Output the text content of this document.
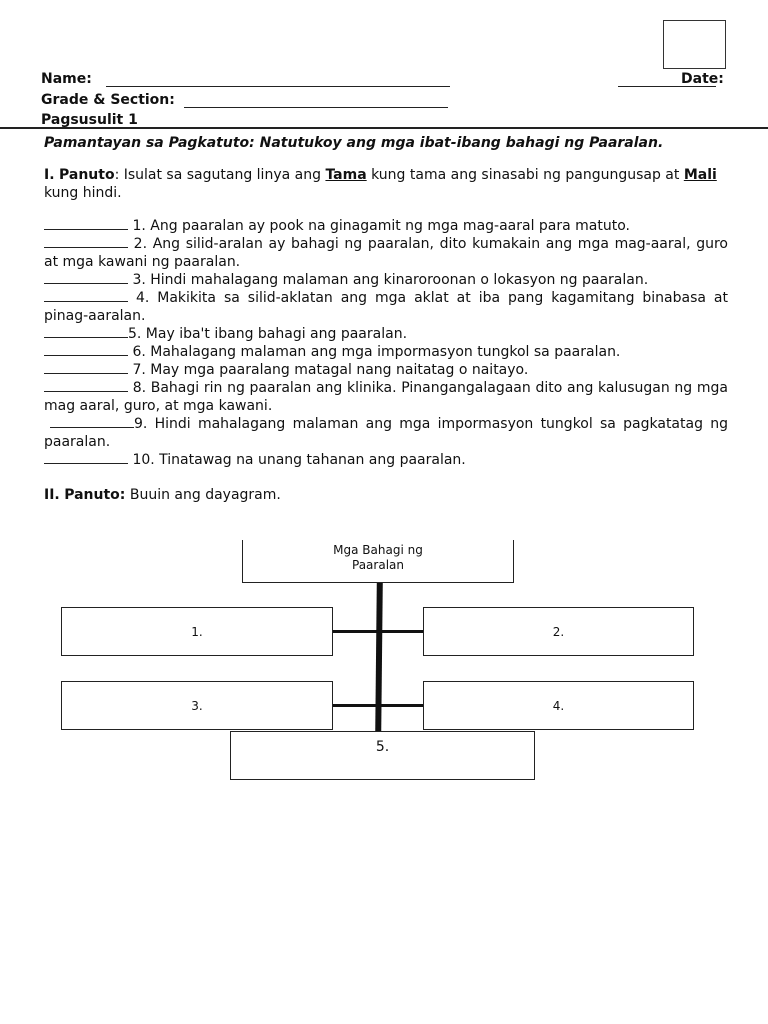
Name:	Date:
Grade & Section:
Pagsusulit 1
Pamantayan sa Pagkatuto: Natutukoy ang mga ibat-ibang bahagi ng Paaralan.
I. Panuto: Isulat sa sagutang linya ang Tama kung tama ang sinasabi ng pangungusap at Mali kung hindi.
1. Ang paaralan ay pook na ginagamit ng mga mag-aaral para matuto.
2. Ang silid-aralan ay bahagi ng paaralan, dito kumakain ang mga mag-aaral, guro at mga kawani ng paaralan.
3. Hindi mahalagang malaman ang kinaroroonan o lokasyon ng paaralan.
4. Makikita sa silid-aklatan ang mga aklat at iba pang kagamitang binabasa at pinag-aaralan.
5. May iba't ibang bahagi ang paaralan.
6. Mahalagang malaman ang mga impormasyon tungkol sa paaralan.
7. May mga paaralang matagal nang naitatag o naitayo.
8. Bahagi rin ng paaralan ang klinika. Pinangangalagaan dito ang kalusugan ng mga mag aaral, guro, at mga kawani.
9. Hindi mahalagang malaman ang mga impormasyon tungkol sa pagkatatag ng paaralan.
10. Tinatawag na unang tahanan ang paaralan.
II. Panuto: Buuin ang dayagram.
Mga Bahagi ng Paaralan
1.	2.
3.	4.
5.
